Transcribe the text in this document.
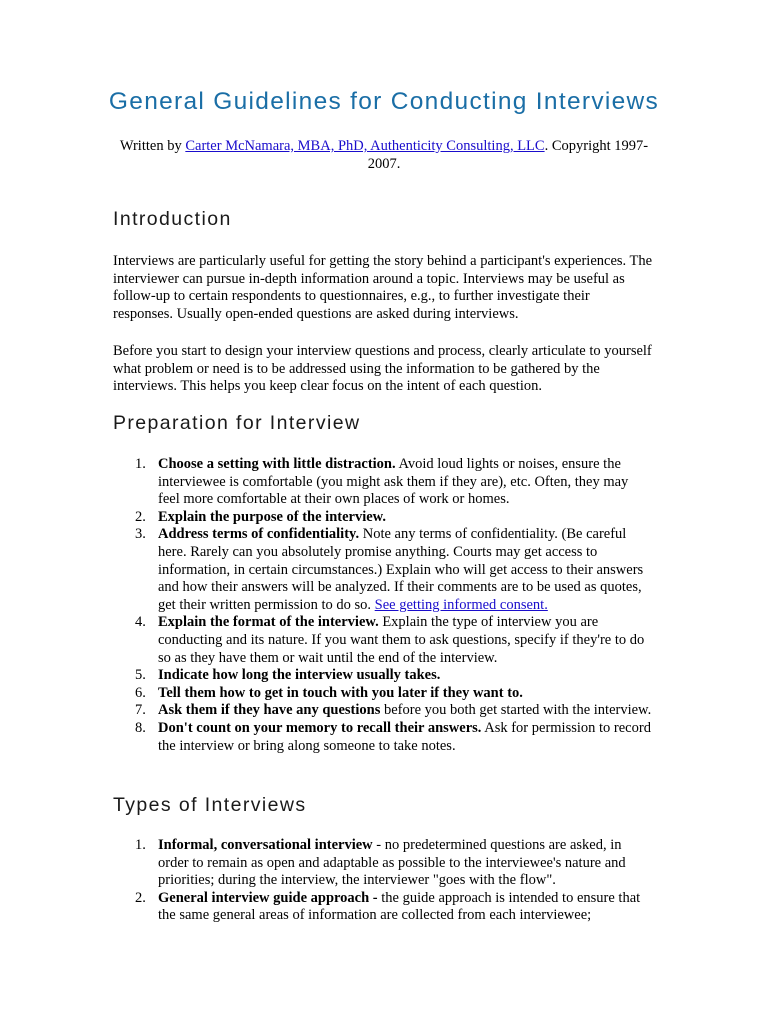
General Guidelines for Conducting Interviews

Written by Carter McNamara, MBA, PhD, Authenticity Consulting, LLC. Copyright 1997-2007.

Introduction

Interviews are particularly useful for getting the story behind a participant's experiences. The interviewer can pursue in-depth information around a topic. Interviews may be useful as follow-up to certain respondents to questionnaires, e.g., to further investigate their responses. Usually open-ended questions are asked during interviews.

Before you start to design your interview questions and process, clearly articulate to yourself what problem or need is to be addressed using the information to be gathered by the interviews. This helps you keep clear focus on the intent of each question.

Preparation for Interview
1. Choose a setting with little distraction. Avoid loud lights or noises, ensure the interviewee is comfortable (you might ask them if they are), etc. Often, they may feel more comfortable at their own places of work or homes.
2. Explain the purpose of the interview.
3. Address terms of confidentiality. Note any terms of confidentiality. (Be careful here. Rarely can you absolutely promise anything. Courts may get access to information, in certain circumstances.) Explain who will get access to their answers and how their answers will be analyzed. If their comments are to be used as quotes, get their written permission to do so. See getting informed consent.
4. Explain the format of the interview. Explain the type of interview you are conducting and its nature. If you want them to ask questions, specify if they're to do so as they have them or wait until the end of the interview.
5. Indicate how long the interview usually takes.
6. Tell them how to get in touch with you later if they want to.
7. Ask them if they have any questions before you both get started with the interview.
8. Don't count on your memory to recall their answers. Ask for permission to record the interview or bring along someone to take notes.
Types of Interviews
1. Informal, conversational interview - no predetermined questions are asked, in order to remain as open and adaptable as possible to the interviewee's nature and priorities; during the interview, the interviewer "goes with the flow".
2. General interview guide approach - the guide approach is intended to ensure that the same general areas of information are collected from each interviewee;
